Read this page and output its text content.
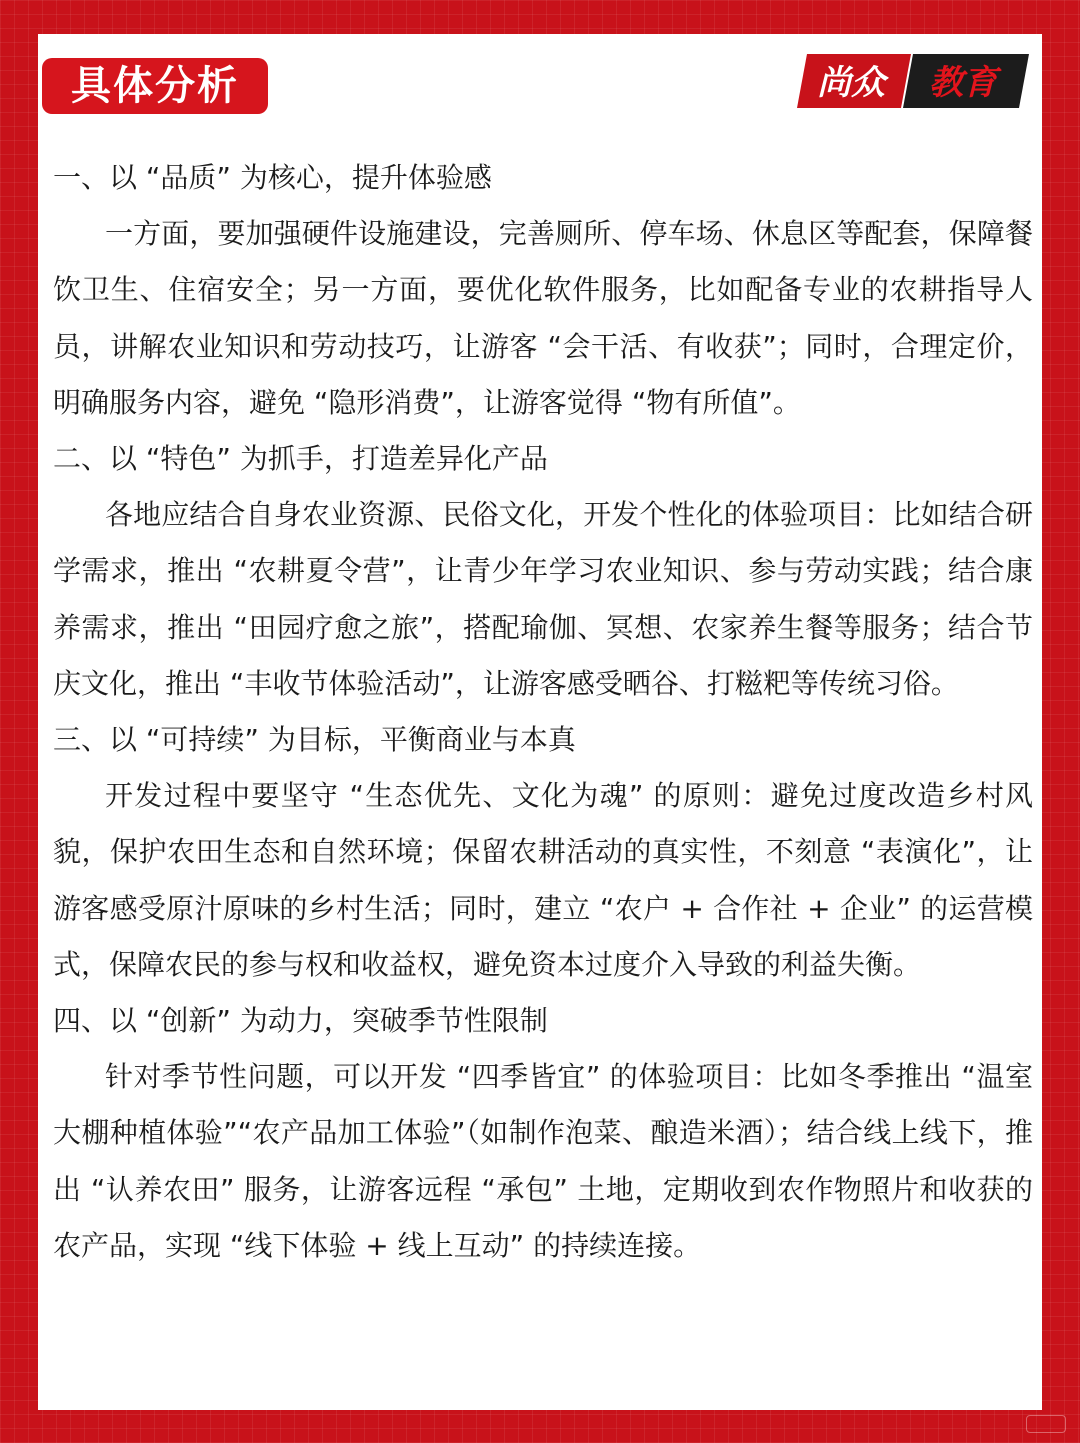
具体分析	尚众 教育

一、以 “品质” 为核心，提升体验感

一方面，要加强硬件设施建设，完善厕所、停车场、休息区等配套，保障餐饮卫生、住宿安全；另一方面，要优化软件服务，比如配备专业的农耕指导人员，讲解农业知识和劳动技巧，让游客 “会干活、有收获”；同时，合理定价，明确服务内容，避免 “隐形消费”，让游客觉得 “物有所值”。

二、以 “特色” 为抓手，打造差异化产品

各地应结合自身农业资源、民俗文化，开发个性化的体验项目：比如结合研学需求，推出 “农耕夏令营”，让青少年学习农业知识、参与劳动实践；结合康养需求，推出 “田园疗愈之旅”，搭配瑜伽、冥想、农家养生餐等服务；结合节庆文化，推出 “丰收节体验活动”，让游客感受晒谷、打糍粑等传统习俗。

三、以 “可持续” 为目标，平衡商业与本真

开发过程中要坚守 “生态优先、文化为魂” 的原则：避免过度改造乡村风貌，保护农田生态和自然环境；保留农耕活动的真实性，不刻意 “表演化”，让游客感受原汁原味的乡村生活；同时，建立 “农户 + 合作社 + 企业” 的运营模式，保障农民的参与权和收益权，避免资本过度介入导致的利益失衡。

四、以 “创新” 为动力，突破季节性限制

针对季节性问题，可以开发 “四季皆宜” 的体验项目：比如冬季推出 “温室大棚种植体验”“农产品加工体验”（如制作泡菜、酿造米酒）；结合线上线下，推出 “认养农田” 服务，让游客远程 “承包” 土地，定期收到农作物照片和收获的农产品，实现 “线下体验 + 线上互动” 的持续连接。
